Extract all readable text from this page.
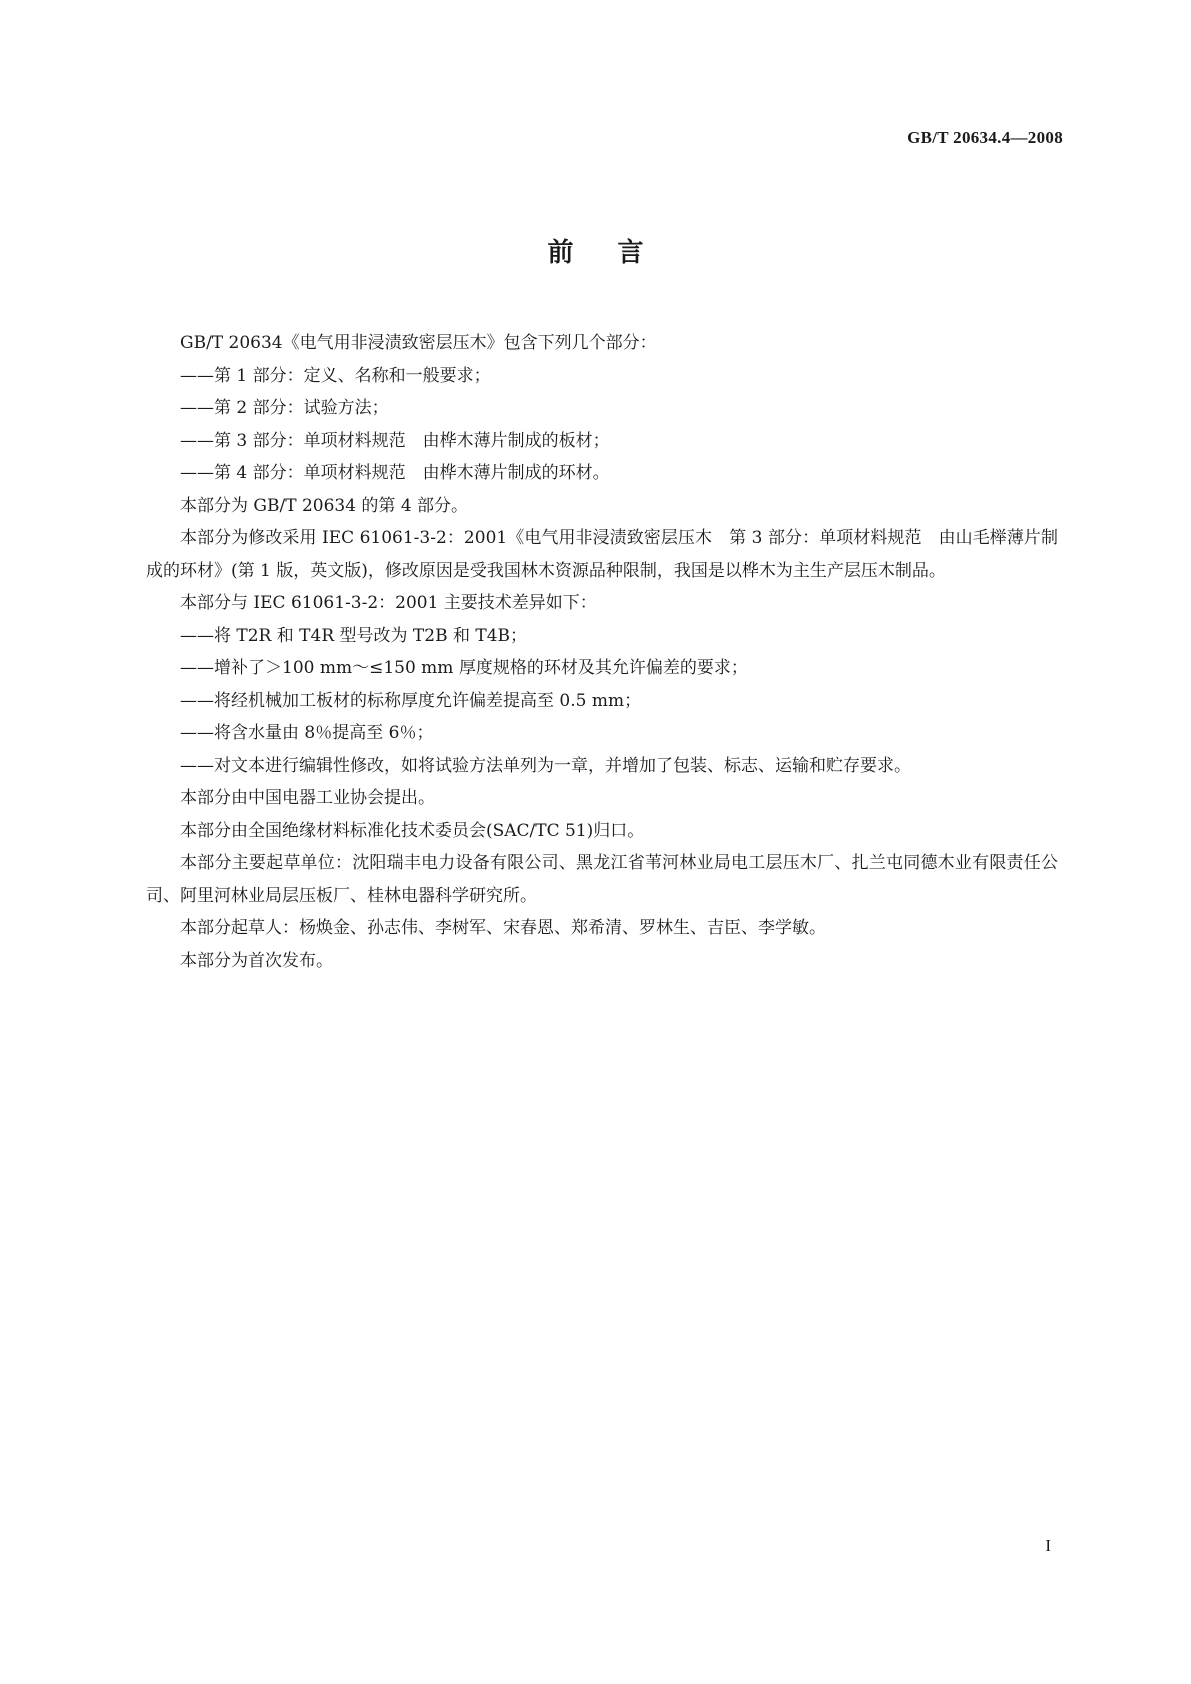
GB/T 20634.4—2008
前言

GB/T 20634《电气用非浸渍致密层压木》包含下列几个部分：

——第 1 部分：定义、名称和一般要求；

——第 2 部分：试验方法；

——第 3 部分：单项材料规范　由桦木薄片制成的板材；

——第 4 部分：单项材料规范　由桦木薄片制成的环材。

本部分为 GB/T 20634 的第 4 部分。

本部分为修改采用 IEC 61061-3-2：2001《电气用非浸渍致密层压木　第 3 部分：单项材料规范　由山毛榉薄片制成的环材》(第 1 版，英文版)，修改原因是受我国林木资源品种限制，我国是以桦木为主生产层压木制品。

本部分与 IEC 61061-3-2：2001 主要技术差异如下：

——将 T2R 和 T4R 型号改为 T2B 和 T4B；

——增补了＞100 mm～≤150 mm 厚度规格的环材及其允许偏差的要求；

——将经机械加工板材的标称厚度允许偏差提高至 0.5 mm；

——将含水量由 8％提高至 6％；

——对文本进行编辑性修改，如将试验方法单列为一章，并增加了包装、标志、运输和贮存要求。

本部分由中国电器工业协会提出。

本部分由全国绝缘材料标准化技术委员会(SAC/TC 51)归口。

本部分主要起草单位：沈阳瑞丰电力设备有限公司、黑龙江省苇河林业局电工层压木厂、扎兰屯同德木业有限责任公司、阿里河林业局层压板厂、桂林电器科学研究所。

本部分起草人：杨焕金、孙志伟、李树军、宋春恩、郑希清、罗林生、吉臣、李学敏。

本部分为首次发布。

I
